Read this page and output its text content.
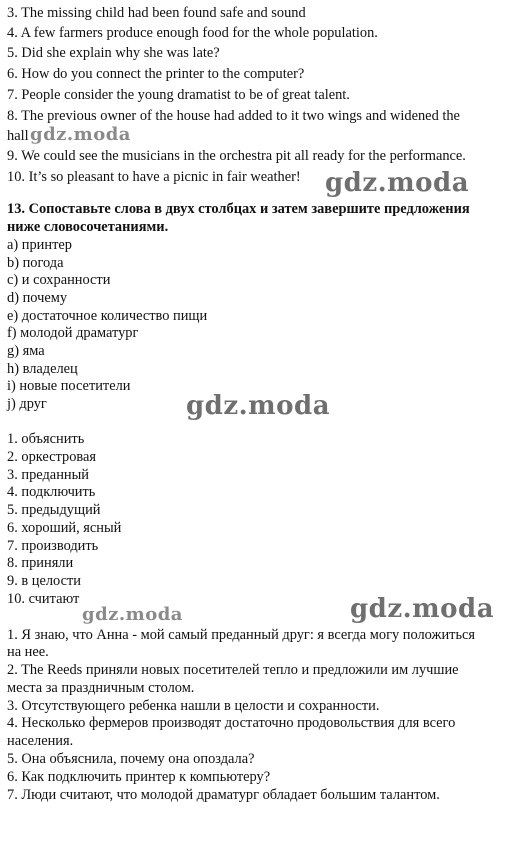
3. The missing child had been found safe and sound
4. A few farmers produce enough food for the whole population.
5. Did she explain why she was late?
6. How do you connect the printer to the computer?
7. People consider the young dramatist to be of great talent.
8. The previous owner of the house had added to it two wings and widened the
hall
9. We could see the musicians in the orchestra pit all ready for the performance.
10. It’s so pleasant to have a picnic in fair weather!
13. Сопоставьте слова в двух столбцах и затем завершите предложения
ниже словосочетаниями.
a) принтер
b) погода
c) и сохранности
d) почему
e) достаточное количество пищи
f) молодой драматург
g) яма
h) владелец
i) новые посетители
j) друг
1. объяснить
2. оркестровая
3. преданный
4. подключить
5. предыдущий
6. хороший, ясный
7. производить
8. приняли
9. в целости
10. считают
1. Я знаю, что Анна - мой самый преданный друг: я всегда могу положиться
на нее.
2. The Reeds приняли новых посетителей тепло и предложили им лучшие
места за праздничным столом.
3. Отсутствующего ребенка нашли в целости и сохранности.
4. Несколько фермеров производят достаточно продовольствия для всего
населения.
5. Она объяснила, почему она опоздала?
6. Как подключить принтер к компьютеру?
7. Люди считают, что молодой драматург обладает большим талантом.
gdz.moda
gdz.moda
gdz.moda
gdz.moda	gdz.moda
